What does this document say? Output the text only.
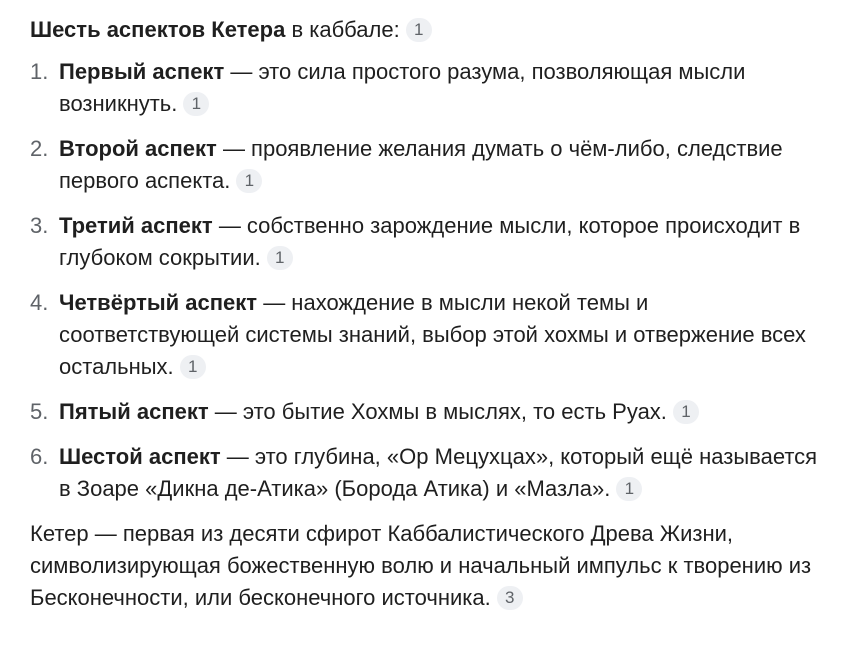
Шесть аспектов Кетера в каббале: 1

1. Первый аспект — это сила простого разума, позволяющая мысли возникнуть. 1
2. Второй аспект — проявление желания думать о чём-либо, следствие первого аспекта. 1
3. Третий аспект — собственно зарождение мысли, которое происходит в глубоком сокрытии. 1
4. Четвёртый аспект — нахождение в мысли некой темы и соответствующей системы знаний, выбор этой хохмы и отвержение всех остальных. 1
5. Пятый аспект — это бытие Хохмы в мыслях, то есть Руах. 1
6. Шестой аспект — это глубина, «Ор Мецухцах», который ещё называется в Зоаре «Дикна де-Атика» (Борода Атика) и «Мазла». 1

Кетер — первая из десяти сфирот Каббалистического Древа Жизни, символизирующая божественную волю и начальный импульс к творению из Бесконечности, или бесконечного источника. 3
